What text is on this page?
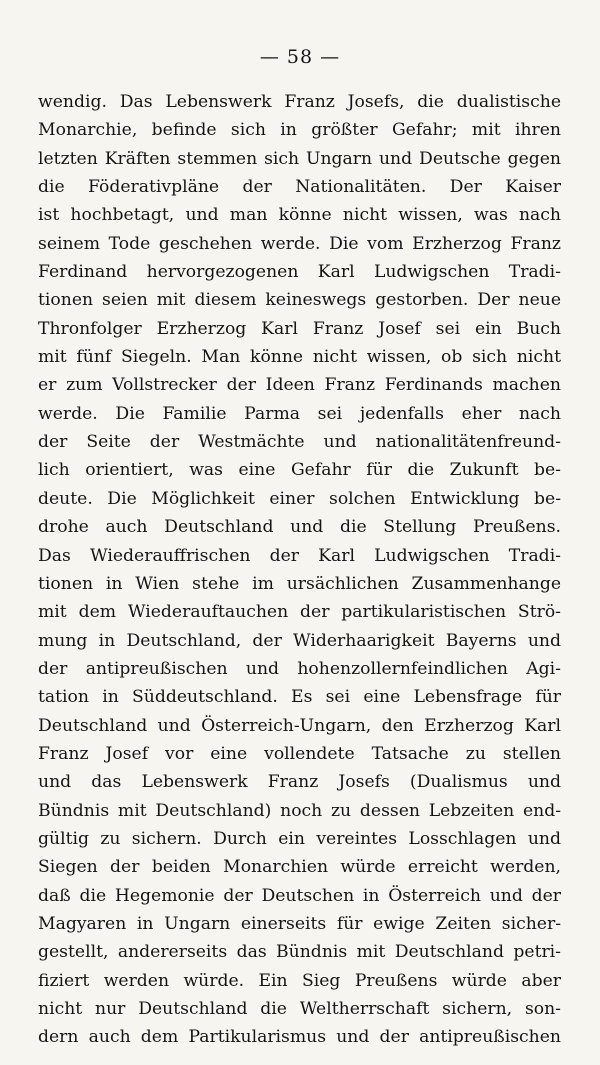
— 58 —
wendig. Das Lebenswerk Franz Josefs, die dualistische
Monarchie, befinde sich in größter Gefahr; mit ihren
letzten Kräften stemmen sich Ungarn und Deutsche gegen
die Föderativpläne der Nationalitäten. Der Kaiser
ist hochbetagt, und man könne nicht wissen, was nach
seinem Tode geschehen werde. Die vom Erzherzog Franz
Ferdinand hervorgezogenen Karl Ludwigschen Tradi-
tionen seien mit diesem keineswegs gestorben. Der neue
Thronfolger Erzherzog Karl Franz Josef sei ein Buch
mit fünf Siegeln. Man könne nicht wissen, ob sich nicht
er zum Vollstrecker der Ideen Franz Ferdinands machen
werde. Die Familie Parma sei jedenfalls eher nach
der Seite der Westmächte und nationalitätenfreund-
lich orientiert, was eine Gefahr für die Zukunft be-
deute. Die Möglichkeit einer solchen Entwicklung be-
drohe auch Deutschland und die Stellung Preußens.
Das Wiederauffrischen der Karl Ludwigschen Tradi-
tionen in Wien stehe im ursächlichen Zusammenhange
mit dem Wiederauftauchen der partikularistischen Strö-
mung in Deutschland, der Widerhaarigkeit Bayerns und
der antipreußischen und hohenzollernfeindlichen Agi-
tation in Süddeutschland. Es sei eine Lebensfrage für
Deutschland und Österreich-Ungarn, den Erzherzog Karl
Franz Josef vor eine vollendete Tatsache zu stellen
und das Lebenswerk Franz Josefs (Dualismus und
Bündnis mit Deutschland) noch zu dessen Lebzeiten end-
gültig zu sichern. Durch ein vereintes Losschlagen und
Siegen der beiden Monarchien würde erreicht werden,
daß die Hegemonie der Deutschen in Österreich und der
Magyaren in Ungarn einerseits für ewige Zeiten sicher-
gestellt, andererseits das Bündnis mit Deutschland petri-
fiziert werden würde. Ein Sieg Preußens würde aber
nicht nur Deutschland die Weltherrschaft sichern, son-
dern auch dem Partikularismus und der antipreußischen
